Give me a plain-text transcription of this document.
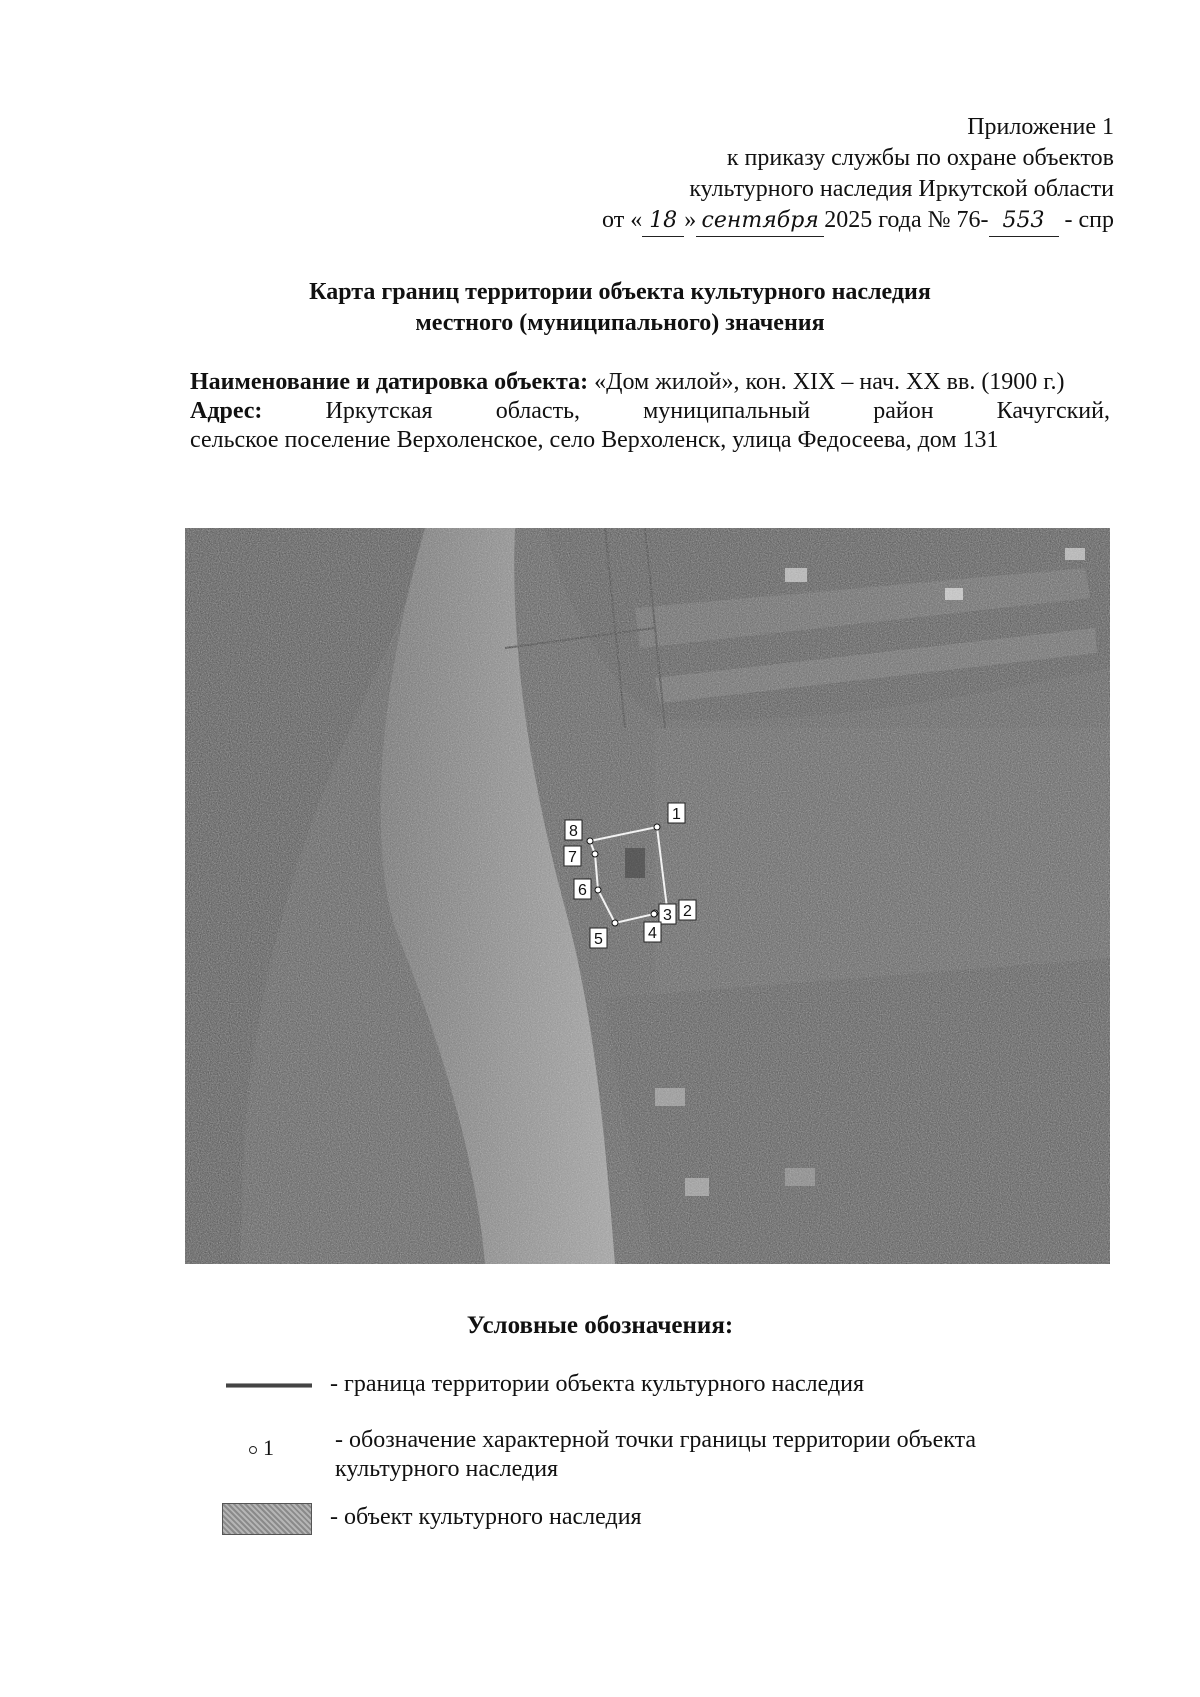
Приложение 1
к приказу службы по охране объектов
культурного наследия Иркутской области
от « 18 » сентября 2025 года № 76- 553 - спр
Карта границ территории объекта культурного наследия
местного (муниципального) значения

Наименование и датировка объекта: «Дом жилой», кон. XIX – нач. XX вв. (1900 г.)

Адрес:	Иркутская	область,	муниципальный	район	Качугский,

сельское поселение Верхоленское, село Верхоленск, улица Федосеева, дом 131

1
2
3
4
5
6
7
8
Условные обозначения:
- граница территории объекта культурного наследия
1	- обозначение характерной точки границы территории объекта
культурного наследия
- объект культурного наследия
